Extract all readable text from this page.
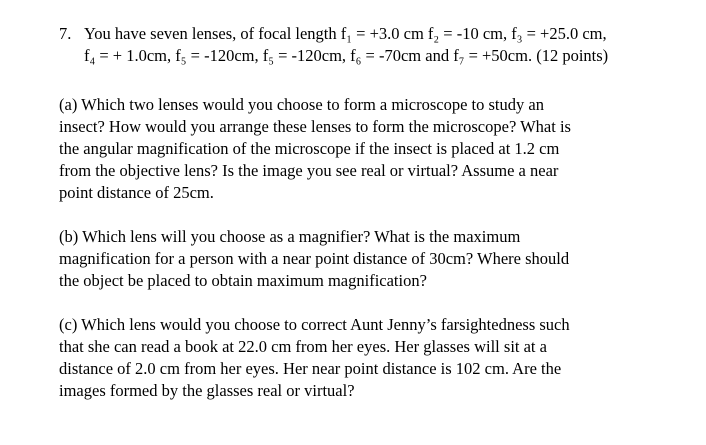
7. You have seven lenses, of focal length f₁ = +3.0 cm f₂ = -10 cm, f₃ = +25.0 cm,
f₄ = + 1.0cm, f₅ = -120cm, f₅ = -120cm, f₆ = -70cm and f₇ = +50cm. (12 points)
(a) Which two lenses would you choose to form a microscope to study an
insect? How would you arrange these lenses to form the microscope? What is
the angular magnification of the microscope if the insect is placed at 1.2 cm
from the objective lens? Is the image you see real or virtual? Assume a near
point distance of 25cm.
(b) Which lens will you choose as a magnifier? What is the maximum
magnification for a person with a near point distance of 30cm? Where should
the object be placed to obtain maximum magnification?
(c) Which lens would you choose to correct Aunt Jenny’s farsightedness such
that she can read a book at 22.0 cm from her eyes. Her glasses will sit at a
distance of 2.0 cm from her eyes. Her near point distance is 102 cm. Are the
images formed by the glasses real or virtual?
